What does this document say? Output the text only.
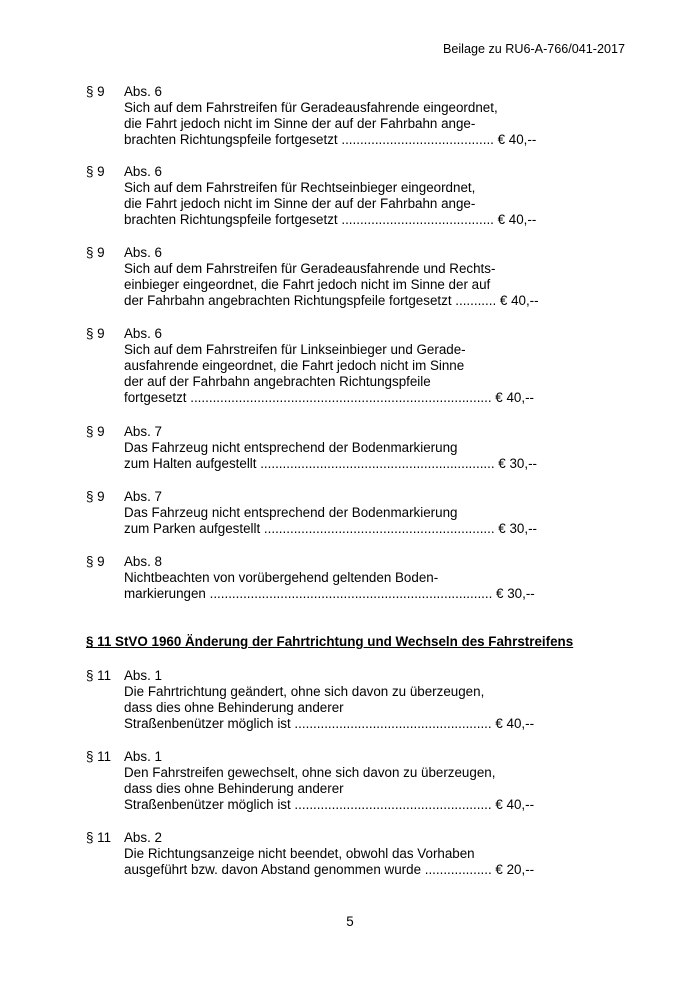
Beilage zu RU6-A-766/041-2017
§ 9 Abs. 6
Sich auf dem Fahrstreifen für Geradeausfahrende eingeordnet,
die Fahrt jedoch nicht im Sinne der auf der Fahrbahn ange-
brachten Richtungspfeile fortgesetzt ......................................... € 40,--
§ 9 Abs. 6
Sich auf dem Fahrstreifen für Rechtseinbieger eingeordnet,
die Fahrt jedoch nicht im Sinne der auf der Fahrbahn ange-
brachten Richtungspfeile fortgesetzt ......................................... € 40,--
§ 9 Abs. 6
Sich auf dem Fahrstreifen für Geradeausfahrende und Rechts-
einbieger eingeordnet, die Fahrt jedoch nicht im Sinne der auf
der Fahrbahn angebrachten Richtungspfeile fortgesetzt ........... € 40,--
§ 9 Abs. 6
Sich auf dem Fahrstreifen für Linkseinbieger und Gerade-
ausfahrende eingeordnet, die Fahrt jedoch nicht im Sinne
der auf der Fahrbahn angebrachten Richtungspfeile
fortgesetzt ................................................................................. € 40,--
§ 9 Abs. 7
Das Fahrzeug nicht entsprechend der Bodenmarkierung
zum Halten aufgestellt ............................................................... € 30,--
§ 9 Abs. 7
Das Fahrzeug nicht entsprechend der Bodenmarkierung
zum Parken aufgestellt .............................................................. € 30,--
§ 9 Abs. 8
Nichtbeachten von vorübergehend geltenden Boden-
markierungen ............................................................................ € 30,--
§ 11 StVO 1960 Änderung der Fahrtrichtung und Wechseln des Fahrstreifens
§ 11 Abs. 1
Die Fahrtrichtung geändert, ohne sich davon zu überzeugen,
dass dies ohne Behinderung anderer
Straßenbenützer möglich ist ..................................................... € 40,--
§ 11 Abs. 1
Den Fahrstreifen gewechselt, ohne sich davon zu überzeugen,
dass dies ohne Behinderung anderer
Straßenbenützer möglich ist ..................................................... € 40,--
§ 11 Abs. 2
Die Richtungsanzeige nicht beendet, obwohl das Vorhaben
ausgeführt bzw. davon Abstand genommen wurde .................. € 20,--
5
